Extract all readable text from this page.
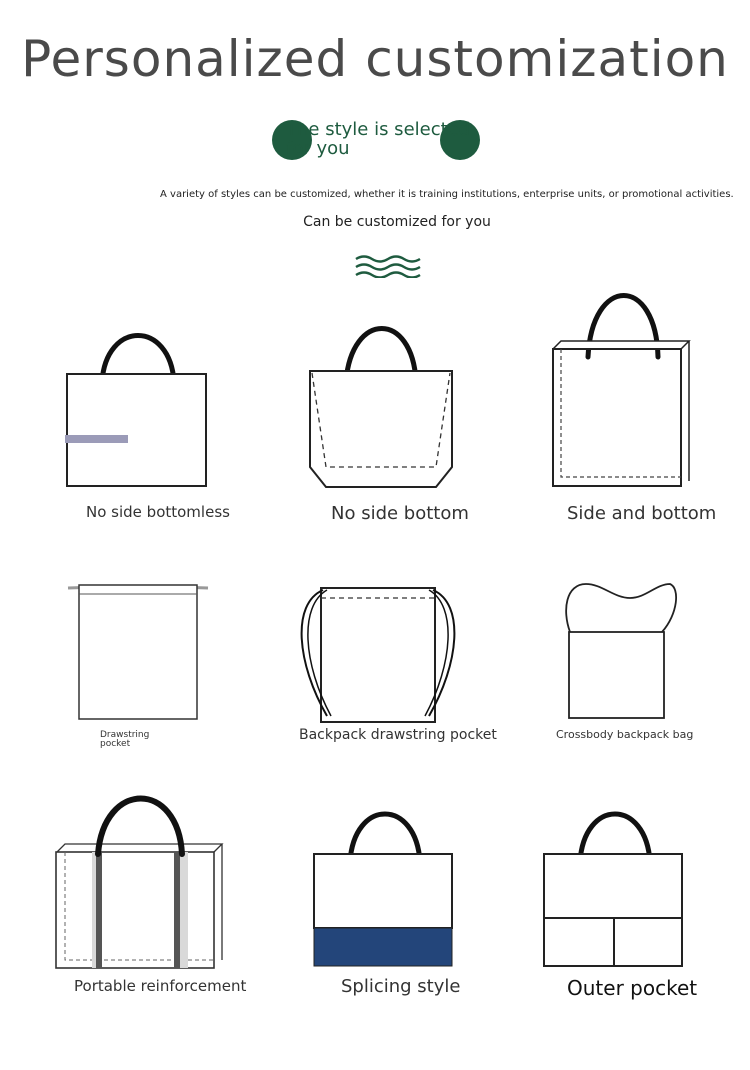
Personalized customization
The style is selected for you
A variety of styles can be customized, whether it is training institutions, enterprise units, or promotional activities.
Can be customized for you
No side bottomless	No side bottom	Side and bottom
Drawstring pocket
Backpack drawstring pocket	Crossbody backpack bag
Portable reinforcement	Splicing style	Outer pocket
